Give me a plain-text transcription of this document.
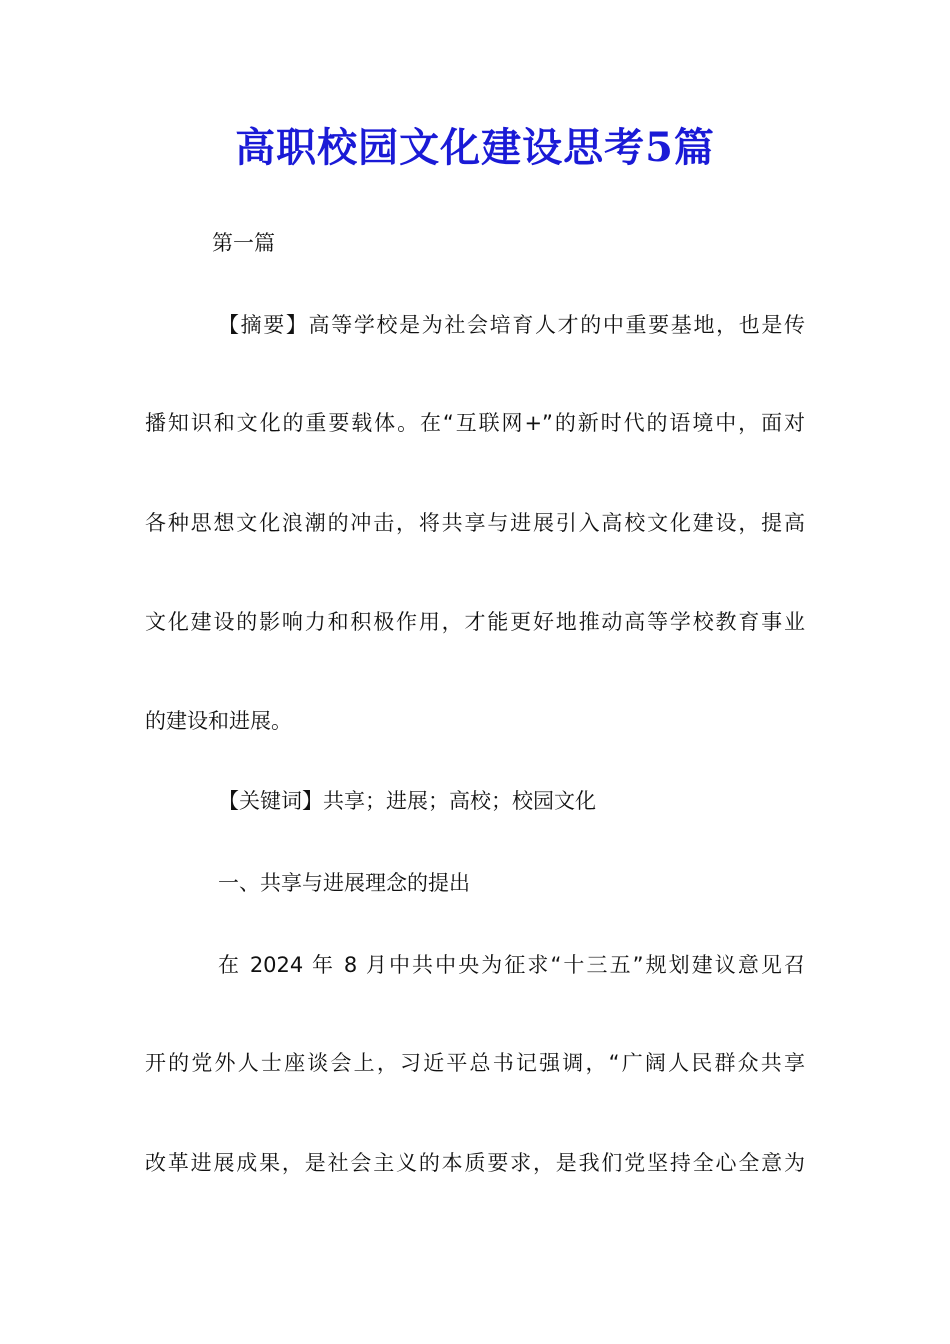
高职校园文化建设思考5篇
第一篇
【摘要】高等学校是为社会培育人才的中重要基地，也是传
播知识和文化的重要载体。在“互联网+”的新时代的语境中，面对
各种思想文化浪潮的冲击，将共享与进展引入高校文化建设，提高
文化建设的影响力和积极作用，才能更好地推动高等学校教育事业
的建设和进展。
【关键词】共享；进展；高校；校园文化
一、共享与进展理念的提出
在 2024 年 8 月中共中央为征求“十三五”规划建议意见召
开的党外人士座谈会上，习近平总书记强调，“广阔人民群众共享
改革进展成果，是社会主义的本质要求，是我们党坚持全心全意为
